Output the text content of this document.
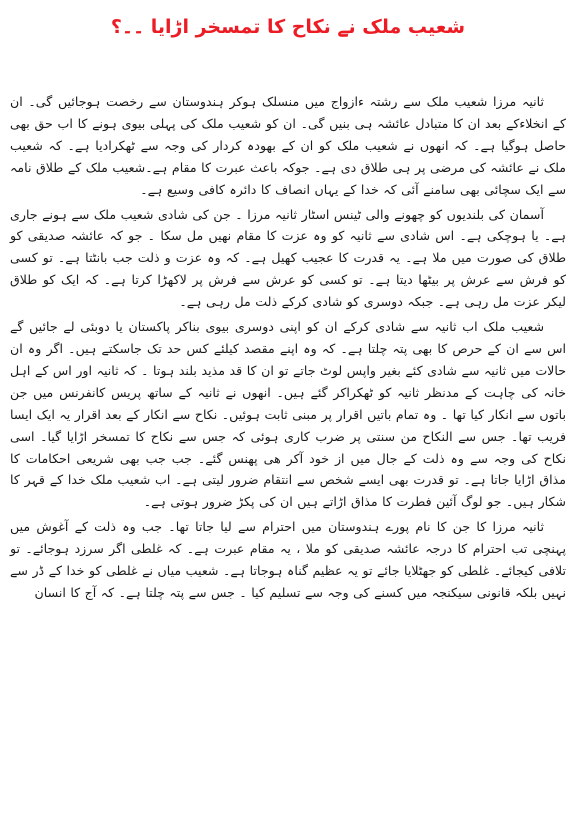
شعیب ملک نے نکاح کا تمسخر اڑایا ۔۔؟

ثانیہ مرزا شعیب ملک سے رشتہ ءازواج میں منسلک ہوکر ہندوستان سے رخصت ہوجائیں گی۔ ان کے انخلاءکے بعد ان کا متبادل عائشہ ہی بنیں گی۔ ان کو شعیب ملک کی پہلی بیوی ہونے کا اب حق بھی حاصل ہوگیا ہے۔ کہ انھوں نے شعیب ملک کو ان کے بھودہ کردار کی وجہ سے ٹھکرادیا ہے۔ کہ شعیب ملک نے عائشہ کی مرضی پر ہی طلاق دی ہے۔ جوکہ باعث عبرت کا مقام ہے۔شعیب ملک کے طلاق نامہ سے ایک سچائی بھی سامنے آئی کہ خدا کے یہاں انصاف کا دائرہ کافی وسیع ہے۔

آسمان کی بلندیوں کو چھونے والی ٹینس اسٹار ثانیہ مرزا ۔ جن کی شادی شعیب ملک سے ہونے جاری ہے۔ یا ہوچکی ہے۔ اس شادی سے ثانیہ کو وہ عزت کا مقام نھیں مل سکا ۔ جو کہ عائشہ صدیقی کو طلاق کی صورت میں ملا ہے۔ یہ قدرت کا عجیب کھیل ہے۔ کہ وہ عزت و ذلت جب بانٹتا ہے۔ تو کسی کو فرش سے عرش پر بیٹھا دیتا ہے۔ تو کسی کو عرش سے فرش پر لاکھڑا کرتا ہے۔ کہ ایک کو طلاق لیکر عزت مل رہی ہے۔ جبکہ دوسری کو شادی کرکے ذلت مل رہی ہے۔

شعیب ملک اب ثانیہ سے شادی کرکے ان کو اپنی دوسری بیوی بناکر پاکستان یا دوبئی لے جائیں گے اس سے ان کے حرص کا بھی پتہ چلتا ہے۔ کہ وہ اپنے مقصد کیلئے کس حد تک جاسکتے ہیں۔ اگر وہ ان حالات میں ثانیہ سے شادی کئے بغیر واپس لوٹ جاتے تو ان کا قد مذید بلند ہوتا ۔ کہ ثانیہ اور اس کے اہل خانہ کی چاہت کے مدنظر ثانیہ کو ٹھکراکر گئے ہیں۔ انھوں نے ثانیہ کے ساتھ پریس کانفرنس میں جن باتوں سے انکار کیا تھا ۔ وہ تمام باتیں اقرار پر مبنی ثابت ہوئیں۔ نکاح سے انکار کے بعد اقرار یہ ایک ایسا فریب تھا۔ جس سے النکاح من سنتی پر ضرب کاری ہوئی کہ جس سے نکاح کا تمسخر اڑایا گیا۔ اسی نکاح کی وجہ سے وہ ذلت کے جال میں از خود آکر ھی پھنس گئے۔ جب جب بھی شریعی احکامات کا مذاق اڑایا جاتا ہے۔ تو قدرت بھی ایسے شخص سے انتقام ضرور لیتی ہے۔ اب شعیب ملک خدا کے قہر کا شکار ہیں۔ جو لوگ آئین فطرت کا مذاق اڑاتے ہیں ان کی پکڑ ضرور ہوتی ہے۔

ثانیہ مرزا کا جن کا نام پورے ہندوستان میں احترام سے لیا جاتا تھا۔ جب وہ ذلت کے آغوش میں پہنچی تب احترام کا درجہ عائشہ صدیقی کو ملا ، یہ مقام عبرت ہے۔ کہ غلطی اگر سرزد ہوجائے۔ تو تلافی کیجائے۔ غلطی کو جھٹلایا جائے تو یہ عظیم گناہ ہوجاتا ہے۔ شعیب میاں نے غلطی کو خدا کے ڈر سے نہیں بلکہ قانونی سیکنجہ میں کسنے کی وجہ سے تسلیم کیا ۔ جس سے پتہ چلتا ہے۔ کہ آج کا انسان
